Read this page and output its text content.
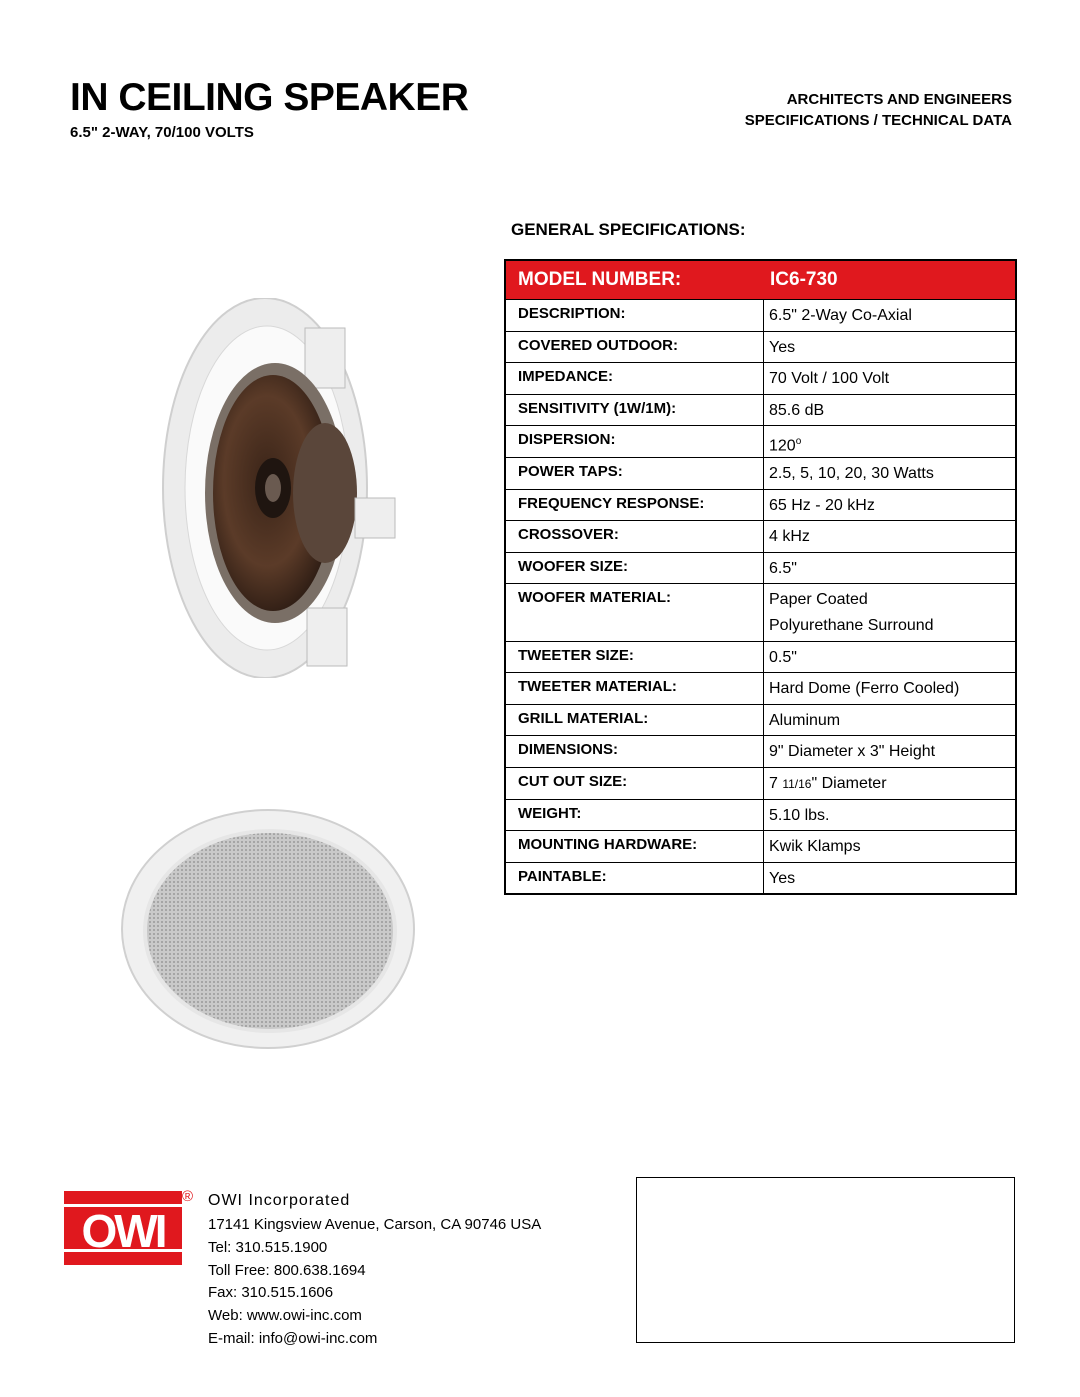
IN CEILING SPEAKER
6.5" 2-WAY, 70/100 VOLTS
ARCHITECTS AND ENGINEERS
SPECIFICATIONS / TECHNICAL DATA
GENERAL SPECIFICATIONS:
MODEL NUMBER:	IC6-730
DESCRIPTION:	6.5" 2-Way Co-Axial
COVERED OUTDOOR:	Yes
IMPEDANCE:	70 Volt / 100 Volt
SENSITIVITY (1W/1M):	85.6 dB
DISPERSION:	120$^o$
POWER TAPS:	2.5, 5, 10, 20, 30 Watts
FREQUENCY RESPONSE:	65 Hz - 20 kHz
CROSSOVER:	4 kHz
WOOFER SIZE:	6.5"
WOOFER MATERIAL:	Paper Coated
Polyurethane Surround
TWEETER SIZE:	0.5"
TWEETER MATERIAL:	Hard Dome (Ferro Cooled)
GRILL MATERIAL:	Aluminum
DIMENSIONS:	9" Diameter x 3" Height
CUT OUT SIZE:	7 11/16" Diameter
WEIGHT:	5.10 lbs.
MOUNTING HARDWARE:	Kwik Klamps
PAINTABLE:	Yes
OWI
® OWI Incorporated
17141 Kingsview Avenue, Carson, CA 90746 USA
Tel: 310.515.1900
Toll Free: 800.638.1694
Fax: 310.515.1606
Web: www.owi-inc.com
E-mail: info@owi-inc.com
